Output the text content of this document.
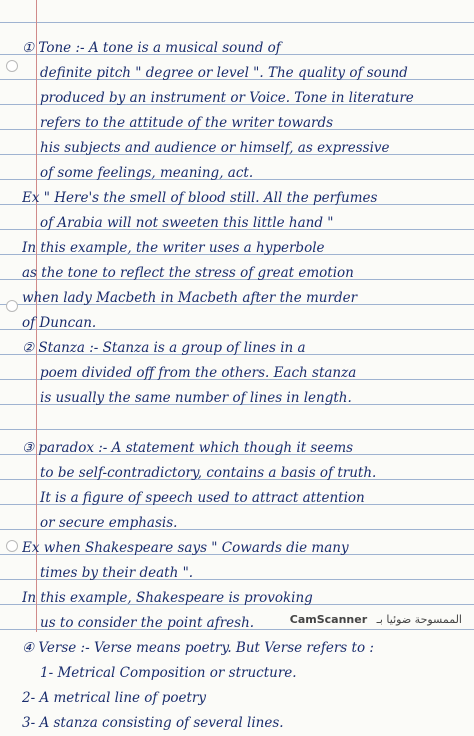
① Tone :- A tone is a musical sound of
definite pitch " degree or level ". The quality of sound
produced by an instrument or Voice. Tone in literature
refers to the attitude of the writer towards
his subjects and audience or himself, as expressive
of some feelings, meaning, act.
Ex " Here's the smell of blood still. All the perfumes
of Arabia will not sweeten this little hand "
In this example, the writer uses a hyperbole
as the tone to reflect the stress of great emotion
when lady Macbeth in Macbeth after the murder
of Duncan.
② Stanza :- Stanza is a group of lines in a
poem divided off from the others. Each stanza
is usually the same number of lines in length.
③ paradox :- A statement which though it seems
to be self-contradictory, contains a basis of truth.
It is a figure of speech used to attract attention
or secure emphasis.
Ex when Shakespeare says " Cowards die many
times by their death ".
In this example, Shakespeare is provoking
us to consider the point afresh.
④ Verse :- Verse means poetry. But Verse refers to :
1- Metrical Composition or structure.
2- A metrical line of poetry
3- A stanza consisting of several lines.
CamScanner الممسوحة ضوئيا بـ
